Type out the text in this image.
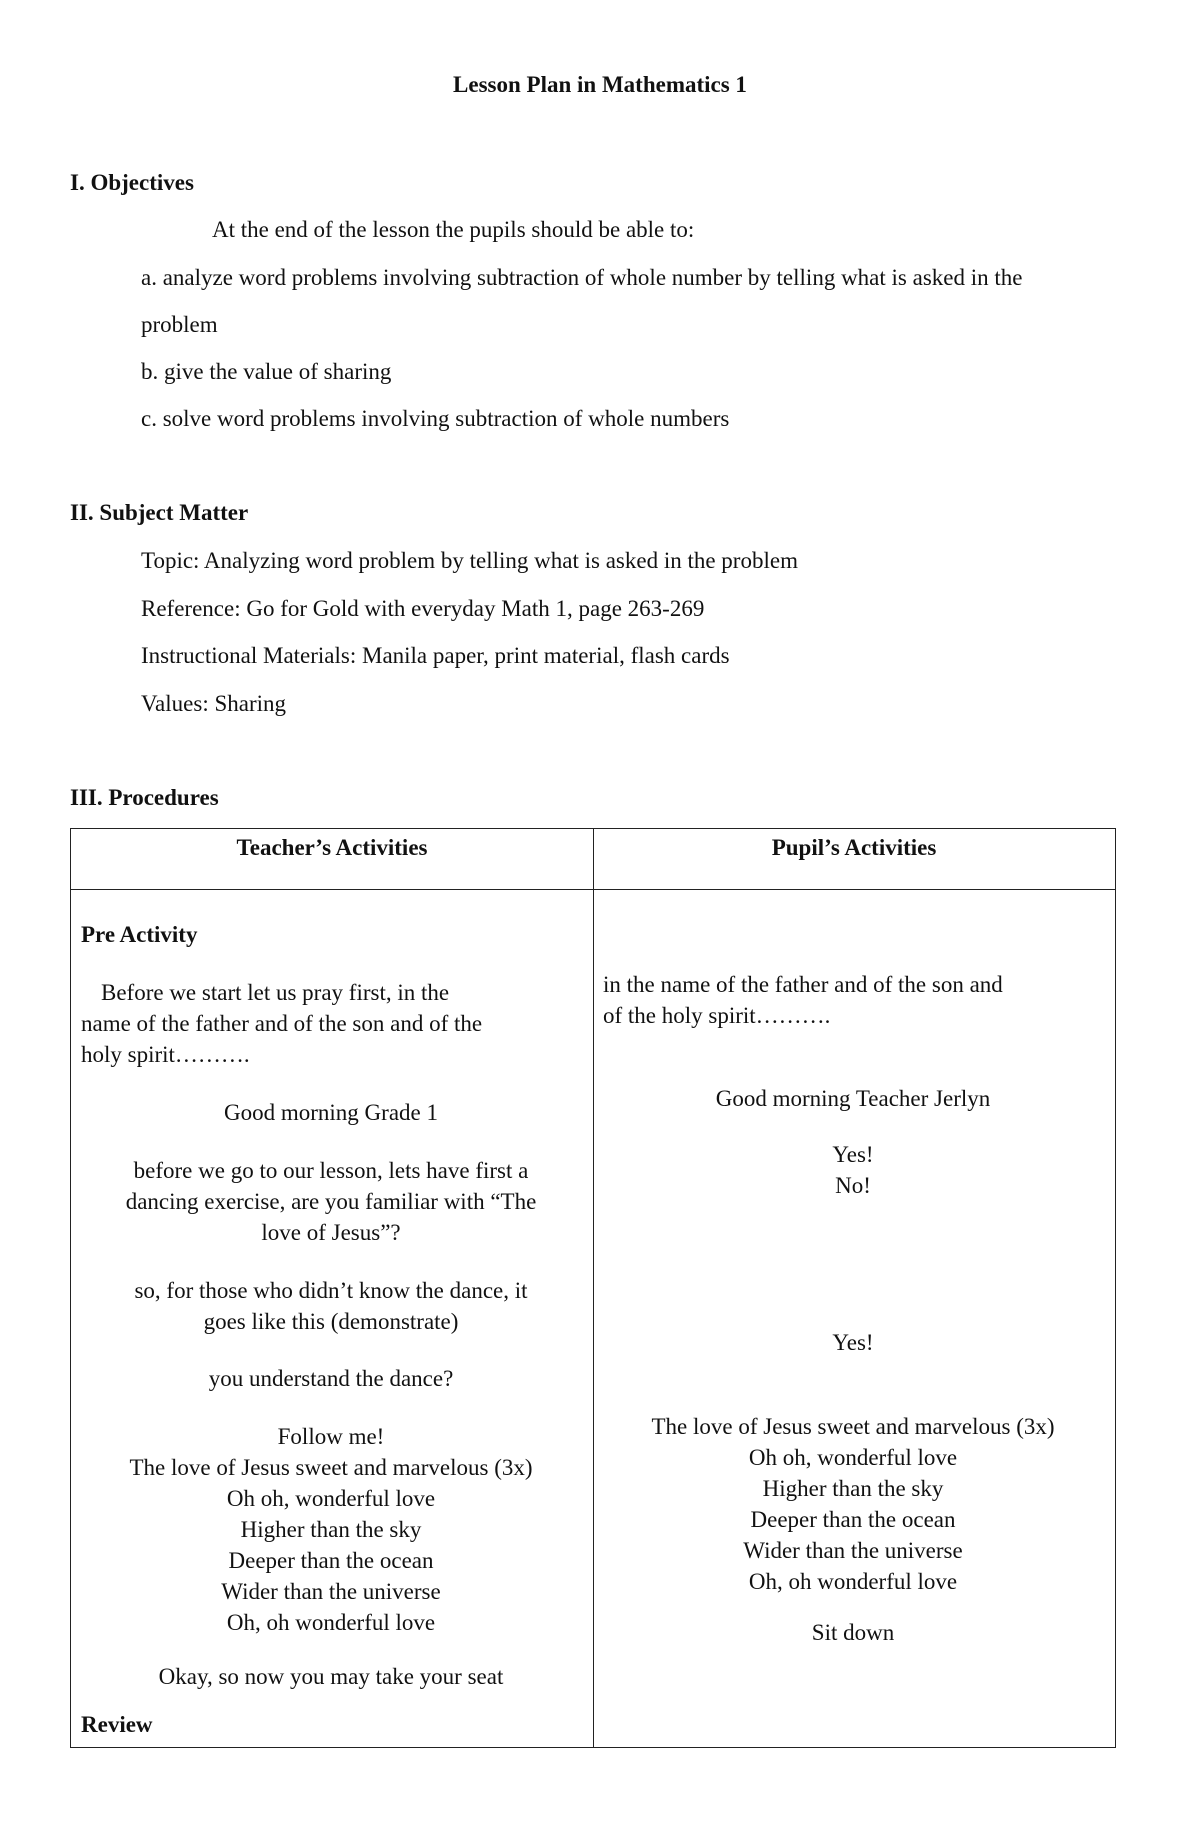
Lesson Plan in Mathematics 1
I. Objectives
At the end of the lesson the pupils should be able to:
a. analyze word problems involving subtraction of whole number by telling what is asked in the
problem
b. give the value of sharing
c. solve word problems involving subtraction of whole numbers
II. Subject Matter
Topic: Analyzing word problem by telling what is asked in the problem
Reference: Go for Gold with everyday Math 1, page 263-269
Instructional Materials: Manila paper, print material, flash cards
Values: Sharing
III. Procedures
Teacher’s Activities	Pupil’s Activities
Pre Activity
Before we start let us pray first, in the
name of the father and of the son and of the
holy spirit……….
Good morning Grade 1
before we go to our lesson, lets have first a
dancing exercise, are you familiar with “The
love of Jesus”?
so, for those who didn’t know the dance, it
goes like this (demonstrate)
you understand the dance?
Follow me!
The love of Jesus sweet and marvelous (3x)
Oh oh, wonderful love
Higher than the sky
Deeper than the ocean
Wider than the universe
Oh, oh wonderful love
Okay, so now you may take your seat
Review
in the name of the father and of the son and
of the holy spirit……….
Good morning Teacher Jerlyn
Yes!
No!
Yes!
The love of Jesus sweet and marvelous (3x)
Oh oh, wonderful love
Higher than the sky
Deeper than the ocean
Wider than the universe
Oh, oh wonderful love
Sit down
